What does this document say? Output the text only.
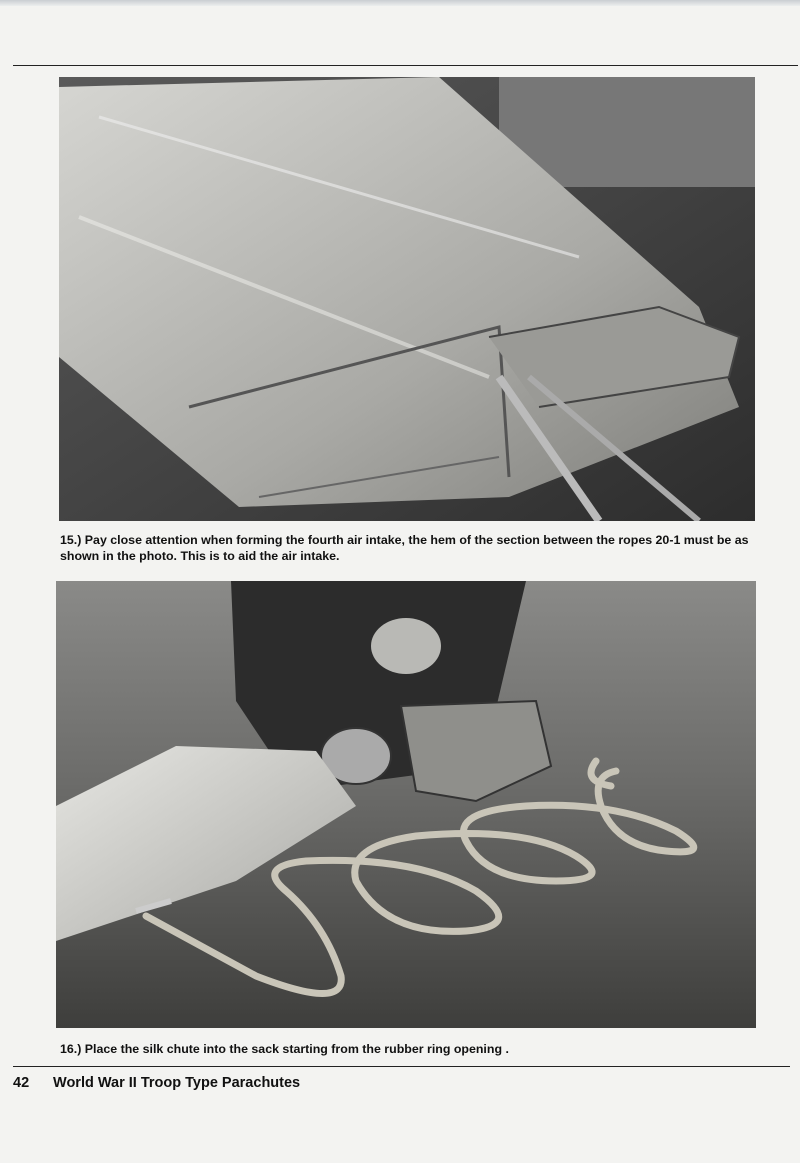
15.) Pay close attention when forming the fourth air intake, the hem of the section between the ropes 20-1 must be as shown in the photo. This is to aid the air intake.
16.) Place the silk chute into the sack starting from the rubber ring opening .
42 World War II Troop Type Parachutes
